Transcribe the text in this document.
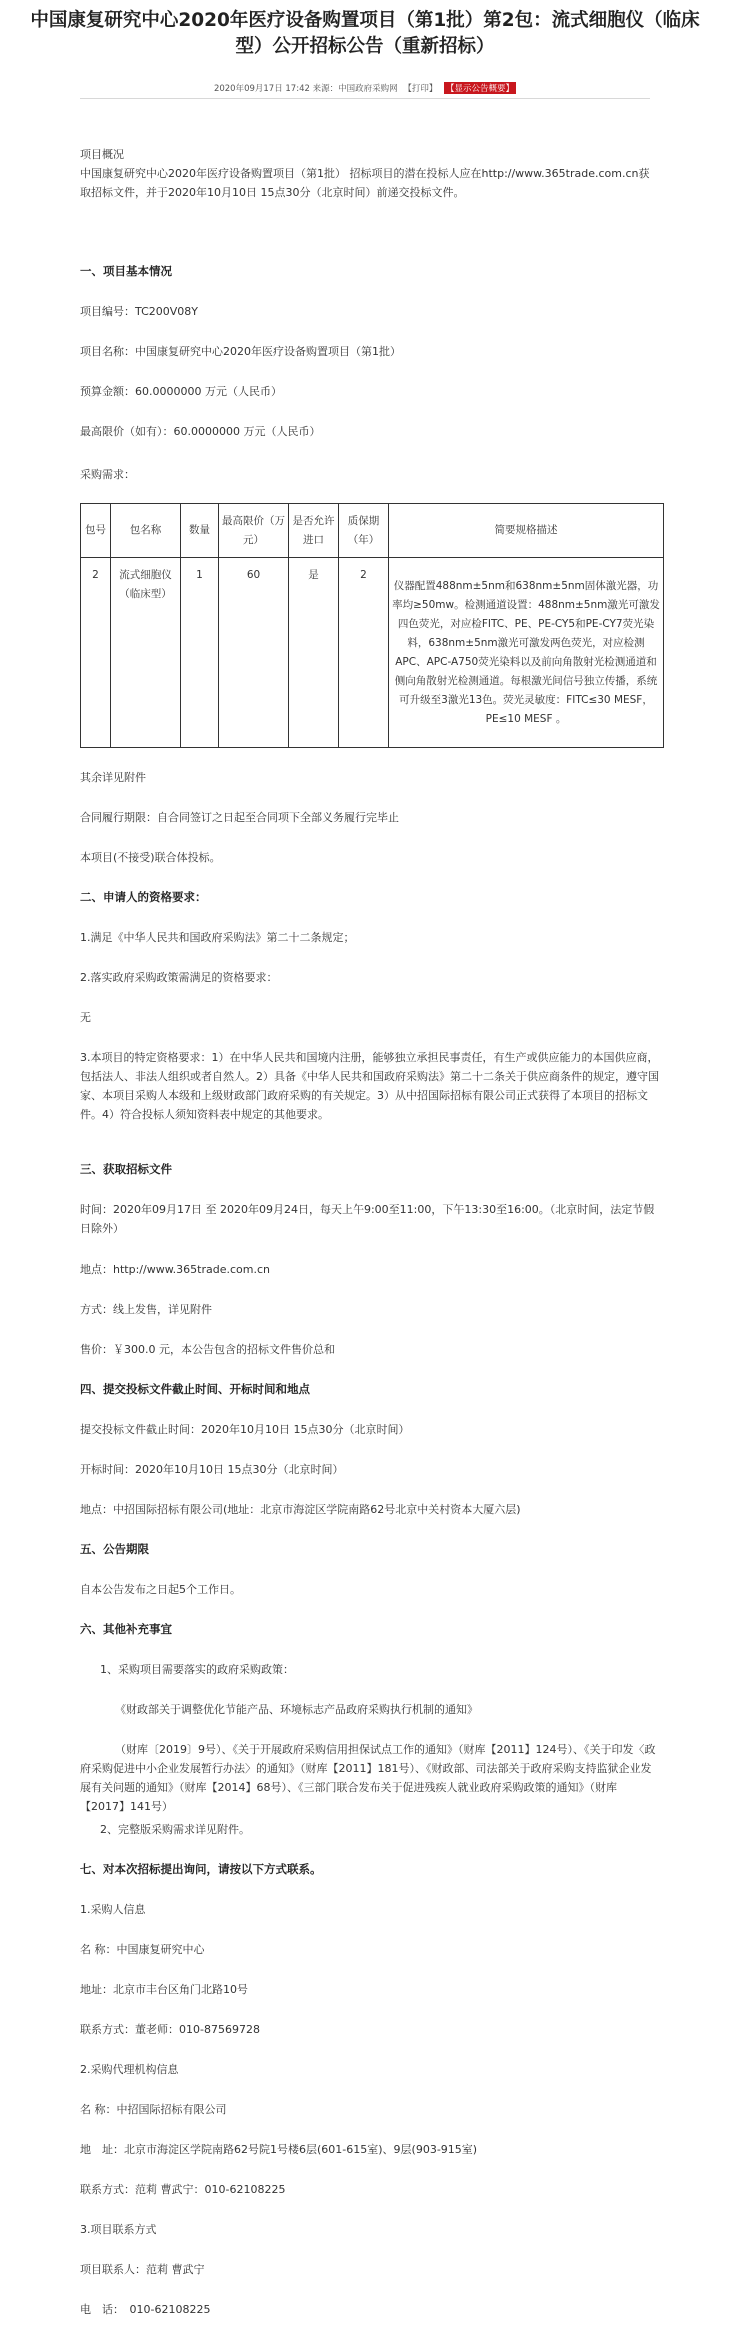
中国康复研究中心2020年医疗设备购置项目（第1批）第2包：流式细胞仪（临床
型）公开招标公告（重新招标）
2020年09月17日 17:42 来源：中国政府采购网 【打印】 【显示公告概要】
项目概况
中国康复研究中心2020年医疗设备购置项目（第1批） 招标项目的潜在投标人应在http://www.365trade.com.cn获取招标文件，并于2020年10月10日 15点30分（北京时间）前递交投标文件。
一、项目基本情况
项目编号：TC200V08Y
项目名称：中国康复研究中心2020年医疗设备购置项目（第1批）
预算金额：60.0000000 万元（人民币）
最高限价（如有）：60.0000000 万元（人民币）
采购需求：
包号	包名称	数量	最高限价（万元）	是否允许进口	质保期（年）	简要规格描述
2	流式细胞仪（临床型）	1	60	是	2	仪器配置488nm±5nm和638nm±5nm固体激光器，功率均≥50mw。检测通道设置：488nm±5nm激光可激发四色荧光，对应检FITC、PE、PE-CY5和PE-CY7荧光染料，638nm±5nm激光可激发两色荧光，对应检测APC、APC-A750荧光染料以及前向角散射光检测通道和侧向角散射光检测通道。每根激光间信号独立传播，系统可升级至3激光13色。荧光灵敏度：FITC≤30 MESF，PE≤10 MESF 。
其余详见附件
合同履行期限：自合同签订之日起至合同项下全部义务履行完毕止
本项目(不接受)联合体投标。
二、申请人的资格要求：
1.满足《中华人民共和国政府采购法》第二十二条规定；
2.落实政府采购政策需满足的资格要求：
无
3.本项目的特定资格要求：1）在中华人民共和国境内注册，能够独立承担民事责任，有生产或供应能力的本国供应商，包括法人、非法人组织或者自然人。2）具备《中华人民共和国政府采购法》第二十二条关于供应商条件的规定，遵守国家、本项目采购人本级和上级财政部门政府采购的有关规定。3）从中招国际招标有限公司正式获得了本项目的招标文件。4）符合投标人须知资料表中规定的其他要求。
三、获取招标文件
时间：2020年09月17日 至 2020年09月24日，每天上午9:00至11:00，下午13:30至16:00。（北京时间，法定节假日除外）
地点：http://www.365trade.com.cn
方式：线上发售，详见附件
售价：￥300.0 元，本公告包含的招标文件售价总和
四、提交投标文件截止时间、开标时间和地点
提交投标文件截止时间：2020年10月10日 15点30分（北京时间）
开标时间：2020年10月10日 15点30分（北京时间）
地点：中招国际招标有限公司(地址：北京市海淀区学院南路62号北京中关村资本大厦六层)
五、公告期限
自本公告发布之日起5个工作日。
六、其他补充事宜
1、采购项目需要落实的政府采购政策：
《财政部关于调整优化节能产品、环境标志产品政府采购执行机制的通知》
（财库〔2019〕9号）、《关于开展政府采购信用担保试点工作的通知》（财库【2011】124号）、《关于印发〈政府采购促进中小企业发展暂行办法〉的通知》（财库【2011】181号）、《财政部、司法部关于政府采购支持监狱企业发展有关问题的通知》（财库【2014】68号）、《三部门联合发布关于促进残疾人就业政府采购政策的通知》（财库【2017】141号）
2、完整版采购需求详见附件。
七、对本次招标提出询问，请按以下方式联系。
1.采购人信息
名 称：中国康复研究中心
地址：北京市丰台区角门北路10号
联系方式：董老师：010-87569728
2.采购代理机构信息
名 称：中招国际招标有限公司
地　址：北京市海淀区学院南路62号院1号楼6层(601-615室)、9层(903-915室)
联系方式：范莉 曹武宁：010-62108225
3.项目联系方式
项目联系人：范莉 曹武宁
电　话：　010-62108225
